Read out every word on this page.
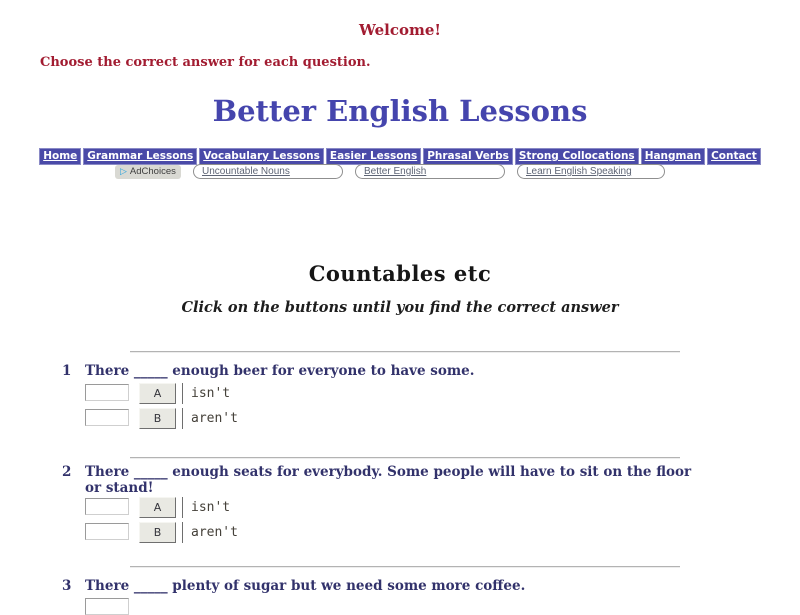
Welcome!
Choose the correct answer for each question.
Better English Lessons
Home Grammar Lessons Vocabulary Lessons Easier Lessons Phrasal Verbs Strong Collocations Hangman Contact
▷ AdChoices	Uncountable Nouns	Better English	Learn English Speaking
Countables etc
Click on the buttons until you find the correct answer
1 There _____ enough beer for everyone to have some.
A	isn't
B	aren't
2 There _____ enough seats for everybody. Some people will have to sit on the floor or stand!
A	isn't
B	aren't
3 There _____ plenty of sugar but we need some more coffee.
